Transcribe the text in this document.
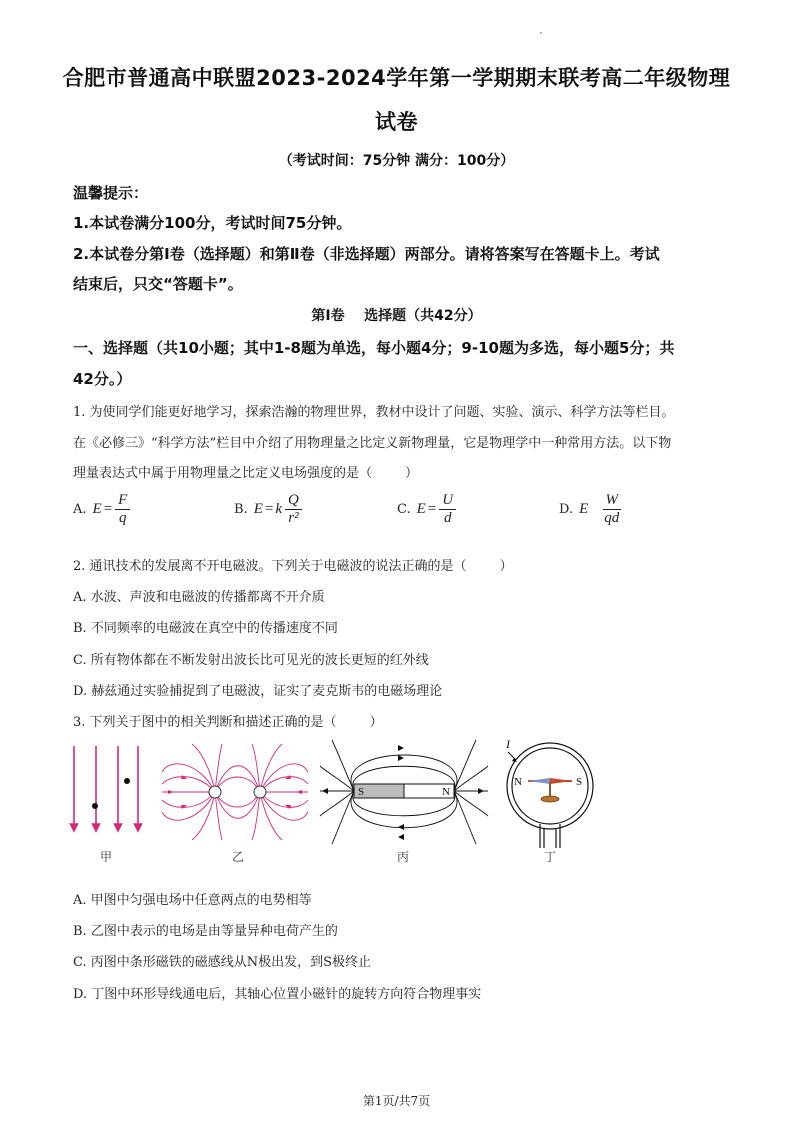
合肥市普通高中联盟2023-2024学年第一学期期末联考高二年级物理
试卷
（考试时间：75分钟 满分：100分）
温馨提示：
1.本试卷满分100分，考试时间75分钟。
2.本试卷分第Ⅰ卷（选择题）和第Ⅱ卷（非选择题）两部分。请将答案写在答题卡上。考试
结束后，只交“答题卡”。
第Ⅰ卷    选择题（共42分）
一、选择题（共10小题；其中1-8题为单选，每小题4分；9-10题为多选，每小题5分；共
42分。）
1. 为使同学们能更好地学习，探索浩瀚的物理世界，教材中设计了问题、实验、演示、科学方法等栏目。
在《必修三》“科学方法”栏目中介绍了用物理量之比定义新物理量，它是物理学中一种常用方法。以下物
理量表达式中属于用物理量之比定义电场强度的是（        ）
A. $E = \frac{F}{q}$	B. E = k $\frac{Q}{\text{r²}}$	C. $E = \frac{U}{d}$	D. E $\frac{W}{qd}$
2. 通讯技术的发展离不开电磁波。下列关于电磁波的说法正确的是（        ）
A. 水波、声波和电磁波的传播都离不开介质
B. 不同频率的电磁波在真空中的传播速度不同
C. 所有物体都在不断发射出波长比可见光的波长更短的红外线
D. 赫兹通过实验捕捉到了电磁波，证实了麦克斯韦的电磁场理论
3. 下列关于图中的相关判断和描述正确的是（        ）
甲	乙
S	N
丙
I
N	S
丁
A. 甲图中匀强电场中任意两点的电势相等
B. 乙图中表示的电场是由等量异种电荷产生的
C. 丙图中条形磁铁的磁感线从N极出发，到S极终止
D. 丁图中环形导线通电后，其轴心位置小磁针的旋转方向符合物理事实
第1页/共7页
